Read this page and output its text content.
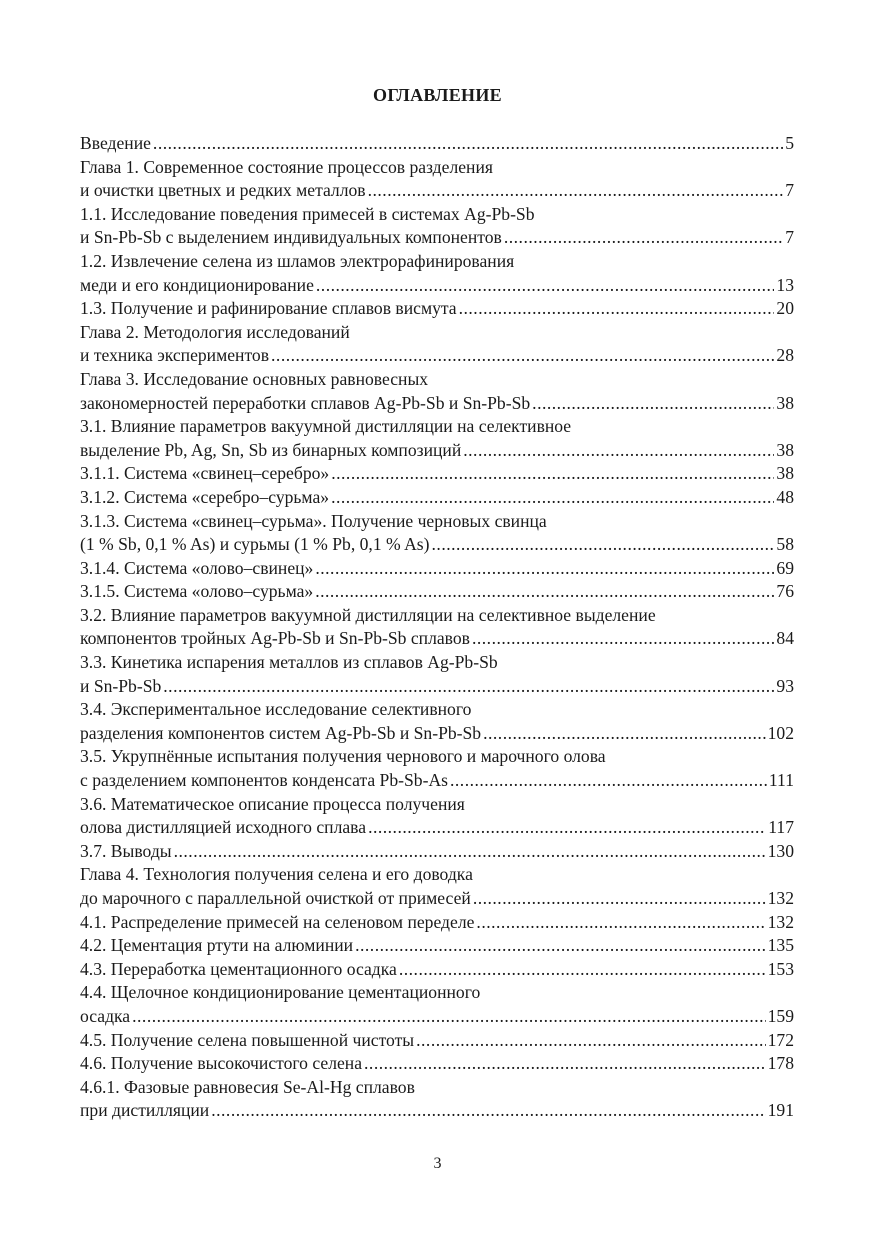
ОГЛАВЛЕНИЕ
Введение .....	5
Глава 1. Современное состояние процессов разделения
и очистки цветных и редких металлов .....	7
1.1. Исследование поведения примесей в системах Ag-Pb-Sb
и Sn-Pb-Sb с выделением индивидуальных компонентов .....	7
1.2. Извлечение селена из шламов электрорафинирования
меди и его кондиционирование .....	13
1.3. Получение и рафинирование сплавов висмута .....	20
Глава 2. Методология исследований
и техника экспериментов .....	28
Глава 3. Исследование основных равновесных
закономерностей переработки сплавов Ag-Pb-Sb и Sn-Pb-Sb .....	38
3.1. Влияние параметров вакуумной дистилляции на селективное
выделение Pb, Ag, Sn, Sb из бинарных композиций .....	38
3.1.1. Система «свинец–серебро» .....	38
3.1.2. Система «серебро–сурьма» .....	48
3.1.3. Система «свинец–сурьма». Получение черновых свинца
(1 % Sb, 0,1 % As) и сурьмы (1 % Pb, 0,1 % As) .....	58
3.1.4. Система «олово–свинец» .....	69
3.1.5. Система «олово–сурьма» .....	76
3.2. Влияние параметров вакуумной дистилляции на селективное выделение
компонентов тройных Ag-Pb-Sb и Sn-Pb-Sb сплавов .....	84
3.3. Кинетика испарения металлов из сплавов Ag-Pb-Sb
и Sn-Pb-Sb .....	93
3.4. Экспериментальное исследование селективного
разделения компонентов систем Ag-Pb-Sb и Sn-Pb-Sb .....	102
3.5. Укрупнённые испытания получения чернового и марочного олова
с разделением компонентов конденсата Pb-Sb-As .....	111
3.6. Математическое описание процесса получения
олова дистилляцией исходного сплава .....	117
3.7. Выводы .....	130
Глава 4. Технология получения селена и его доводка
до марочного с параллельной очисткой от примесей .....	132
4.1. Распределение примесей на селеновом переделе .....	132
4.2. Цементация ртути на алюминии .....	135
4.3. Переработка цементационного осадка .....	153
4.4. Щелочное кондиционирование цементационного
осадка .....	159
4.5. Получение селена повышенной чистоты .....	172
4.6. Получение высокочистого селена .....	178
4.6.1. Фазовые равновесия Se-Al-Hg сплавов
при дистилляции .....	191
3
